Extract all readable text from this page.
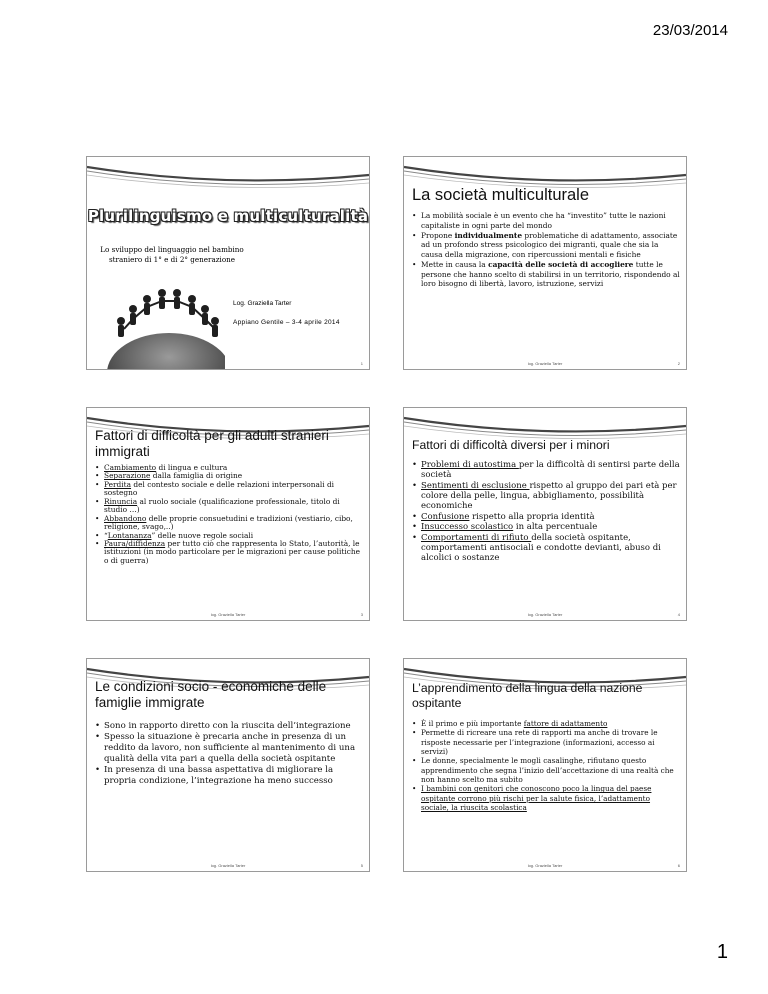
23/03/2014
Plurilinguismo e multiculturalità
Lo sviluppo del linguaggio nel bambino straniero di 1° e di 2° generazione
Log. Graziella Tarter
Appiano Gentile – 3-4 aprile 2014
1
La società multiculturale
• La mobilità sociale è un evento che ha “investito” tutte le nazioni capitaliste in ogni parte del mondo
• Propone individualmente problematiche di adattamento, associate ad un profondo stress psicologico dei migranti, quale che sia la causa della migrazione, con ripercussioni mentali e fisiche
• Mette in causa la capacità delle società di accogliere tutte le persone che hanno scelto di stabilirsi in un territorio, rispondendo al loro bisogno di libertà, lavoro, istruzione, servizi
log. Graziella Tarter	2
Fattori di difficoltà per gli adulti stranieri immigrati
• Cambiamento di lingua e cultura
• Separazione dalla famiglia di origine
• Perdita del contesto sociale e delle relazioni interpersonali di sostegno
• Rinuncia al ruolo sociale (qualificazione professionale, titolo di studio …)
• Abbandono delle proprie consuetudini e tradizioni (vestiario, cibo, religione, svago,..)
• “Lontananza” delle nuove regole sociali
• Paura/diffidenza per tutto ciò che rappresenta lo Stato, l’autorità, le istituzioni (in modo particolare per le migrazioni per cause politiche o di guerra)
log. Graziella Tarter	3
Fattori di difficoltà diversi per i minori
• Problemi di autostima per la difficoltà di sentirsi parte della società
• Sentimenti di esclusione rispetto al gruppo dei pari età per colore della pelle, lingua, abbigliamento, possibilità economiche
• Confusione rispetto alla propria identità
• Insuccesso scolastico in alta percentuale
• Comportamenti di rifiuto della società ospitante, comportamenti antisociali e condotte devianti, abuso di alcolici o sostanze
log. Graziella Tarter	4
Le condizioni socio - economiche delle famiglie immigrate
• Sono in rapporto diretto con la riuscita dell’integrazione
• Spesso la situazione è precaria anche in presenza di un reddito da lavoro, non sufficiente al mantenimento di una qualità della vita pari a quella della società ospitante
• In presenza di una bassa aspettativa di migliorare la propria condizione, l’integrazione ha meno successo
log. Graziella Tarter	5
L’apprendimento della lingua della nazione ospitante
• È il primo e più importante fattore di adattamento
• Permette di ricreare una rete di rapporti ma anche di trovare le risposte necessarie per l’integrazione (informazioni, accesso ai servizi)
• Le donne, specialmente le mogli casalinghe, rifiutano questo apprendimento che segna l’inizio dell’accettazione di una realtà che non hanno scelto ma subito
• I bambini con genitori che conoscono poco la lingua del paese ospitante corrono più rischi per la salute fisica, l’adattamento sociale, la riuscita scolastica
log. Graziella Tarter	6
1
